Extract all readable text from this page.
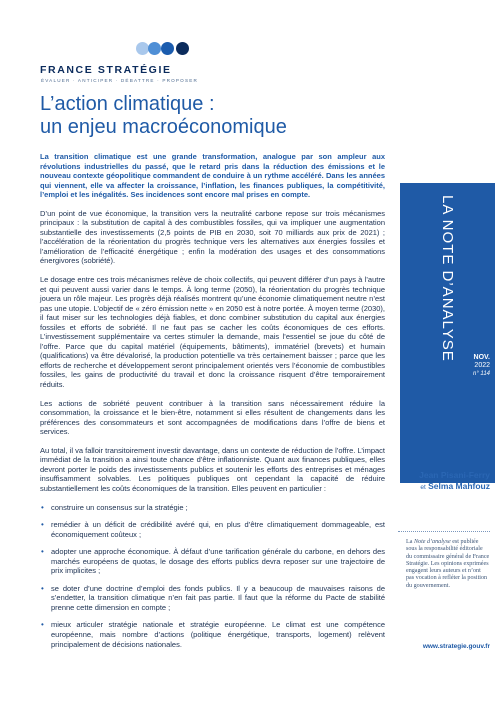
FRANCE STRATÉGIE
ÉVALUER · ANTICIPER · DÉBATTRE · PROPOSER
L’action climatique :
un enjeu macroéconomique

La transition climatique est une grande transformation, analogue par son ampleur aux révolutions industrielles du passé, que le retard pris dans la réduction des émissions et le nouveau contexte géopolitique commandent de conduire à un rythme accéléré. Dans les années qui viennent, elle va affecter la croissance, l’inflation, les finances publiques, la compétitivité, l’emploi et les inégalités. Ses incidences sont encore mal prises en compte.

D’un point de vue économique, la transition vers la neutralité carbone repose sur trois mécanismes principaux : la substitution de capital à des combustibles fossiles, qui va impliquer une augmentation substantielle des investissements (2,5 points de PIB en 2030, soit 70 milliards aux prix de 2021) ; l’accélération de la réorientation du progrès technique vers les alternatives aux énergies fossiles et l’amélioration de l’efficacité énergétique ; enfin la modération des usages et des consommations énergivores (sobriété).

Le dosage entre ces trois mécanismes relève de choix collectifs, qui peuvent différer d’un pays à l’autre et qui peuvent aussi varier dans le temps. À long terme (2050), la réorientation du progrès technique jouera un rôle majeur. Les progrès déjà réalisés montrent qu’une économie climatiquement neutre n’est pas une utopie. L’objectif de « zéro émission nette » en 2050 est à notre portée. À moyen terme (2030), il faut miser sur les technologies déjà fiables, et donc combiner substitution du capital aux énergies fossiles et efforts de sobriété. Il ne faut pas se cacher les coûts économiques de ces efforts. L’investissement supplémentaire va certes stimuler la demande, mais l’essentiel se joue du côté de l’offre. Parce que du capital matériel (équipements, bâtiments), immatériel (brevets) et humain (qualifications) va être dévalorisé, la production potentielle va très certainement baisser ; parce que les efforts de recherche et développement seront principalement orientés vers l’économie de combustibles fossiles, les gains de productivité du travail et donc la croissance risquent d’être temporairement réduits.

Les actions de sobriété peuvent contribuer à la transition sans nécessairement réduire la consommation, la croissance et le bien-être, notamment si elles résultent de changements dans les préférences des consommateurs et sont accompagnées de modifications dans l’offre de biens et services.

Au total, il va falloir transitoirement investir davantage, dans un contexte de réduction de l’offre. L’impact immédiat de la transition a ainsi toute chance d’être inflationniste. Quant aux finances publiques, elles devront porter le poids des investissements publics et soutenir les efforts des entreprises et ménages insuffisamment solvables. Les politiques publiques ont cependant la capacité de réduire substantiellement les coûts économiques de la transition. Elles peuvent en particulier :

• construire un consensus sur la stratégie ;
• remédier à un déficit de crédibilité avéré qui, en plus d’être climatiquement dommageable, est économiquement coûteux ;
• adopter une approche économique. À défaut d’une tarification générale du carbone, en dehors des marchés européens de quotas, le dosage des efforts publics devra reposer sur une trajectoire de prix implicites ;
• se doter d’une doctrine d’emploi des fonds publics. Il y a beaucoup de mauvaises raisons de s’endetter, la transition climatique n’en fait pas partie. Il faut que la réforme du Pacte de stabilité prenne cette dimension en compte ;
• mieux articuler stratégie nationale et stratégie européenne. Le climat est une compétence européenne, mais nombre d’actions (politique énergétique, transports, logement) relèvent principalement de décisions nationales.
LA NOTE D’ANALYSE	NOV.
2022
n° 114
Jean Pisani-Ferry
et Selma Mahfouz
La Note d’analyse est publiée sous la responsabilité éditoriale du commissaire général de France Stratégie. Les opinions exprimées engagent leurs auteurs et n’ont pas vocation à refléter la position du gouvernement.
www.strategie.gouv.fr
